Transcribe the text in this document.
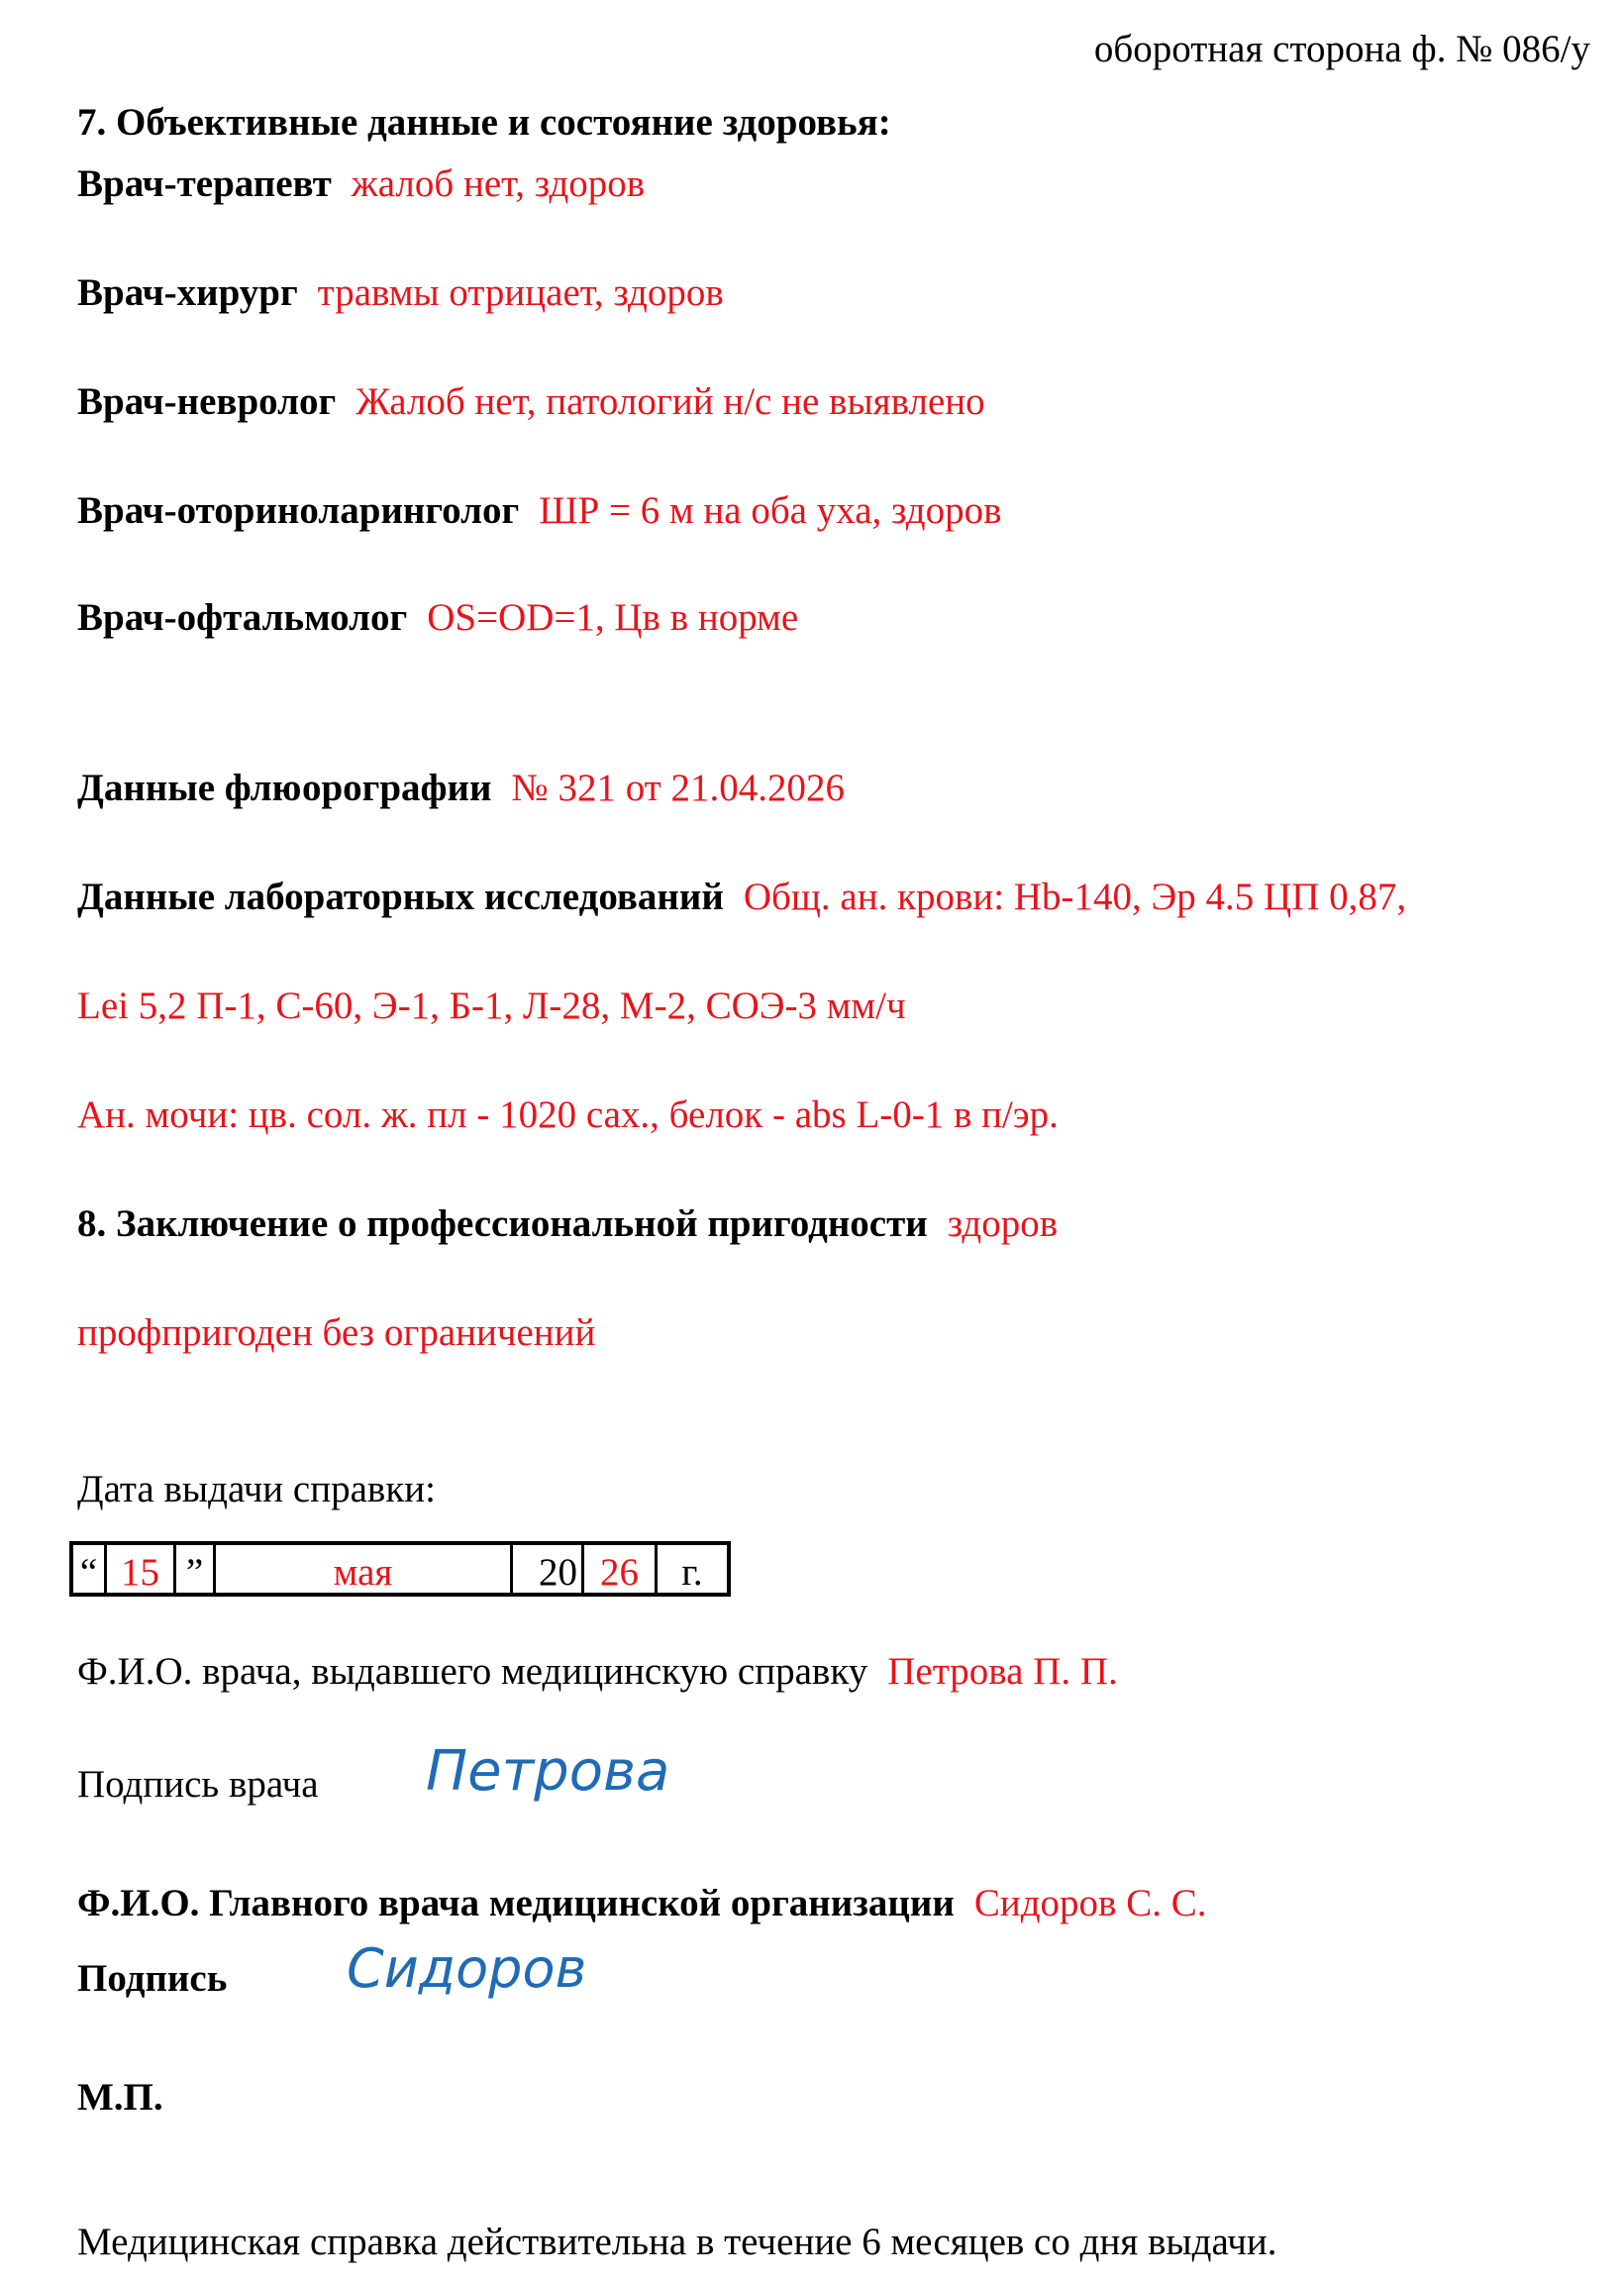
оборотная сторона ф. № 086/у
7. Объективные данные и состояние здоровья:
Врач-терапевт жалоб нет, здоров
Врач-хирург травмы отрицает, здоров
Врач-невролог Жалоб нет, патологий н/с не выявлено
Врач-оториноларинголог ШР = 6 м на оба уха, здоров
Врач-офтальмолог OS=OD=1, Цв в норме
Данные флюорографии № 321 от 21.04.2026
Данные лабораторных исследований Общ. ан. крови: Hb-140, Эр 4.5 ЦП 0,87,
Lei 5,2 П-1, С-60, Э-1, Б-1, Л-28, М-2, СОЭ-3 мм/ч
Ан. мочи: цв. сол. ж. пл - 1020 сах., белок - abs L-0-1 в п/эр.
8. Заключение о профессиональной пригодности здоров
профпригоден без ограничений
Дата выдачи справки:
“ 15 ”	мая	20 26	г.
Ф.И.О. врача, выдавшего медицинскую справку Петрова П. П.
Подпись врача Петрова
Ф.И.О. Главного врача медицинской организации Сидоров С. С.
Подпись Сидоров
М.П.
Медицинская справка действительна в течение 6 месяцев со дня выдачи.
